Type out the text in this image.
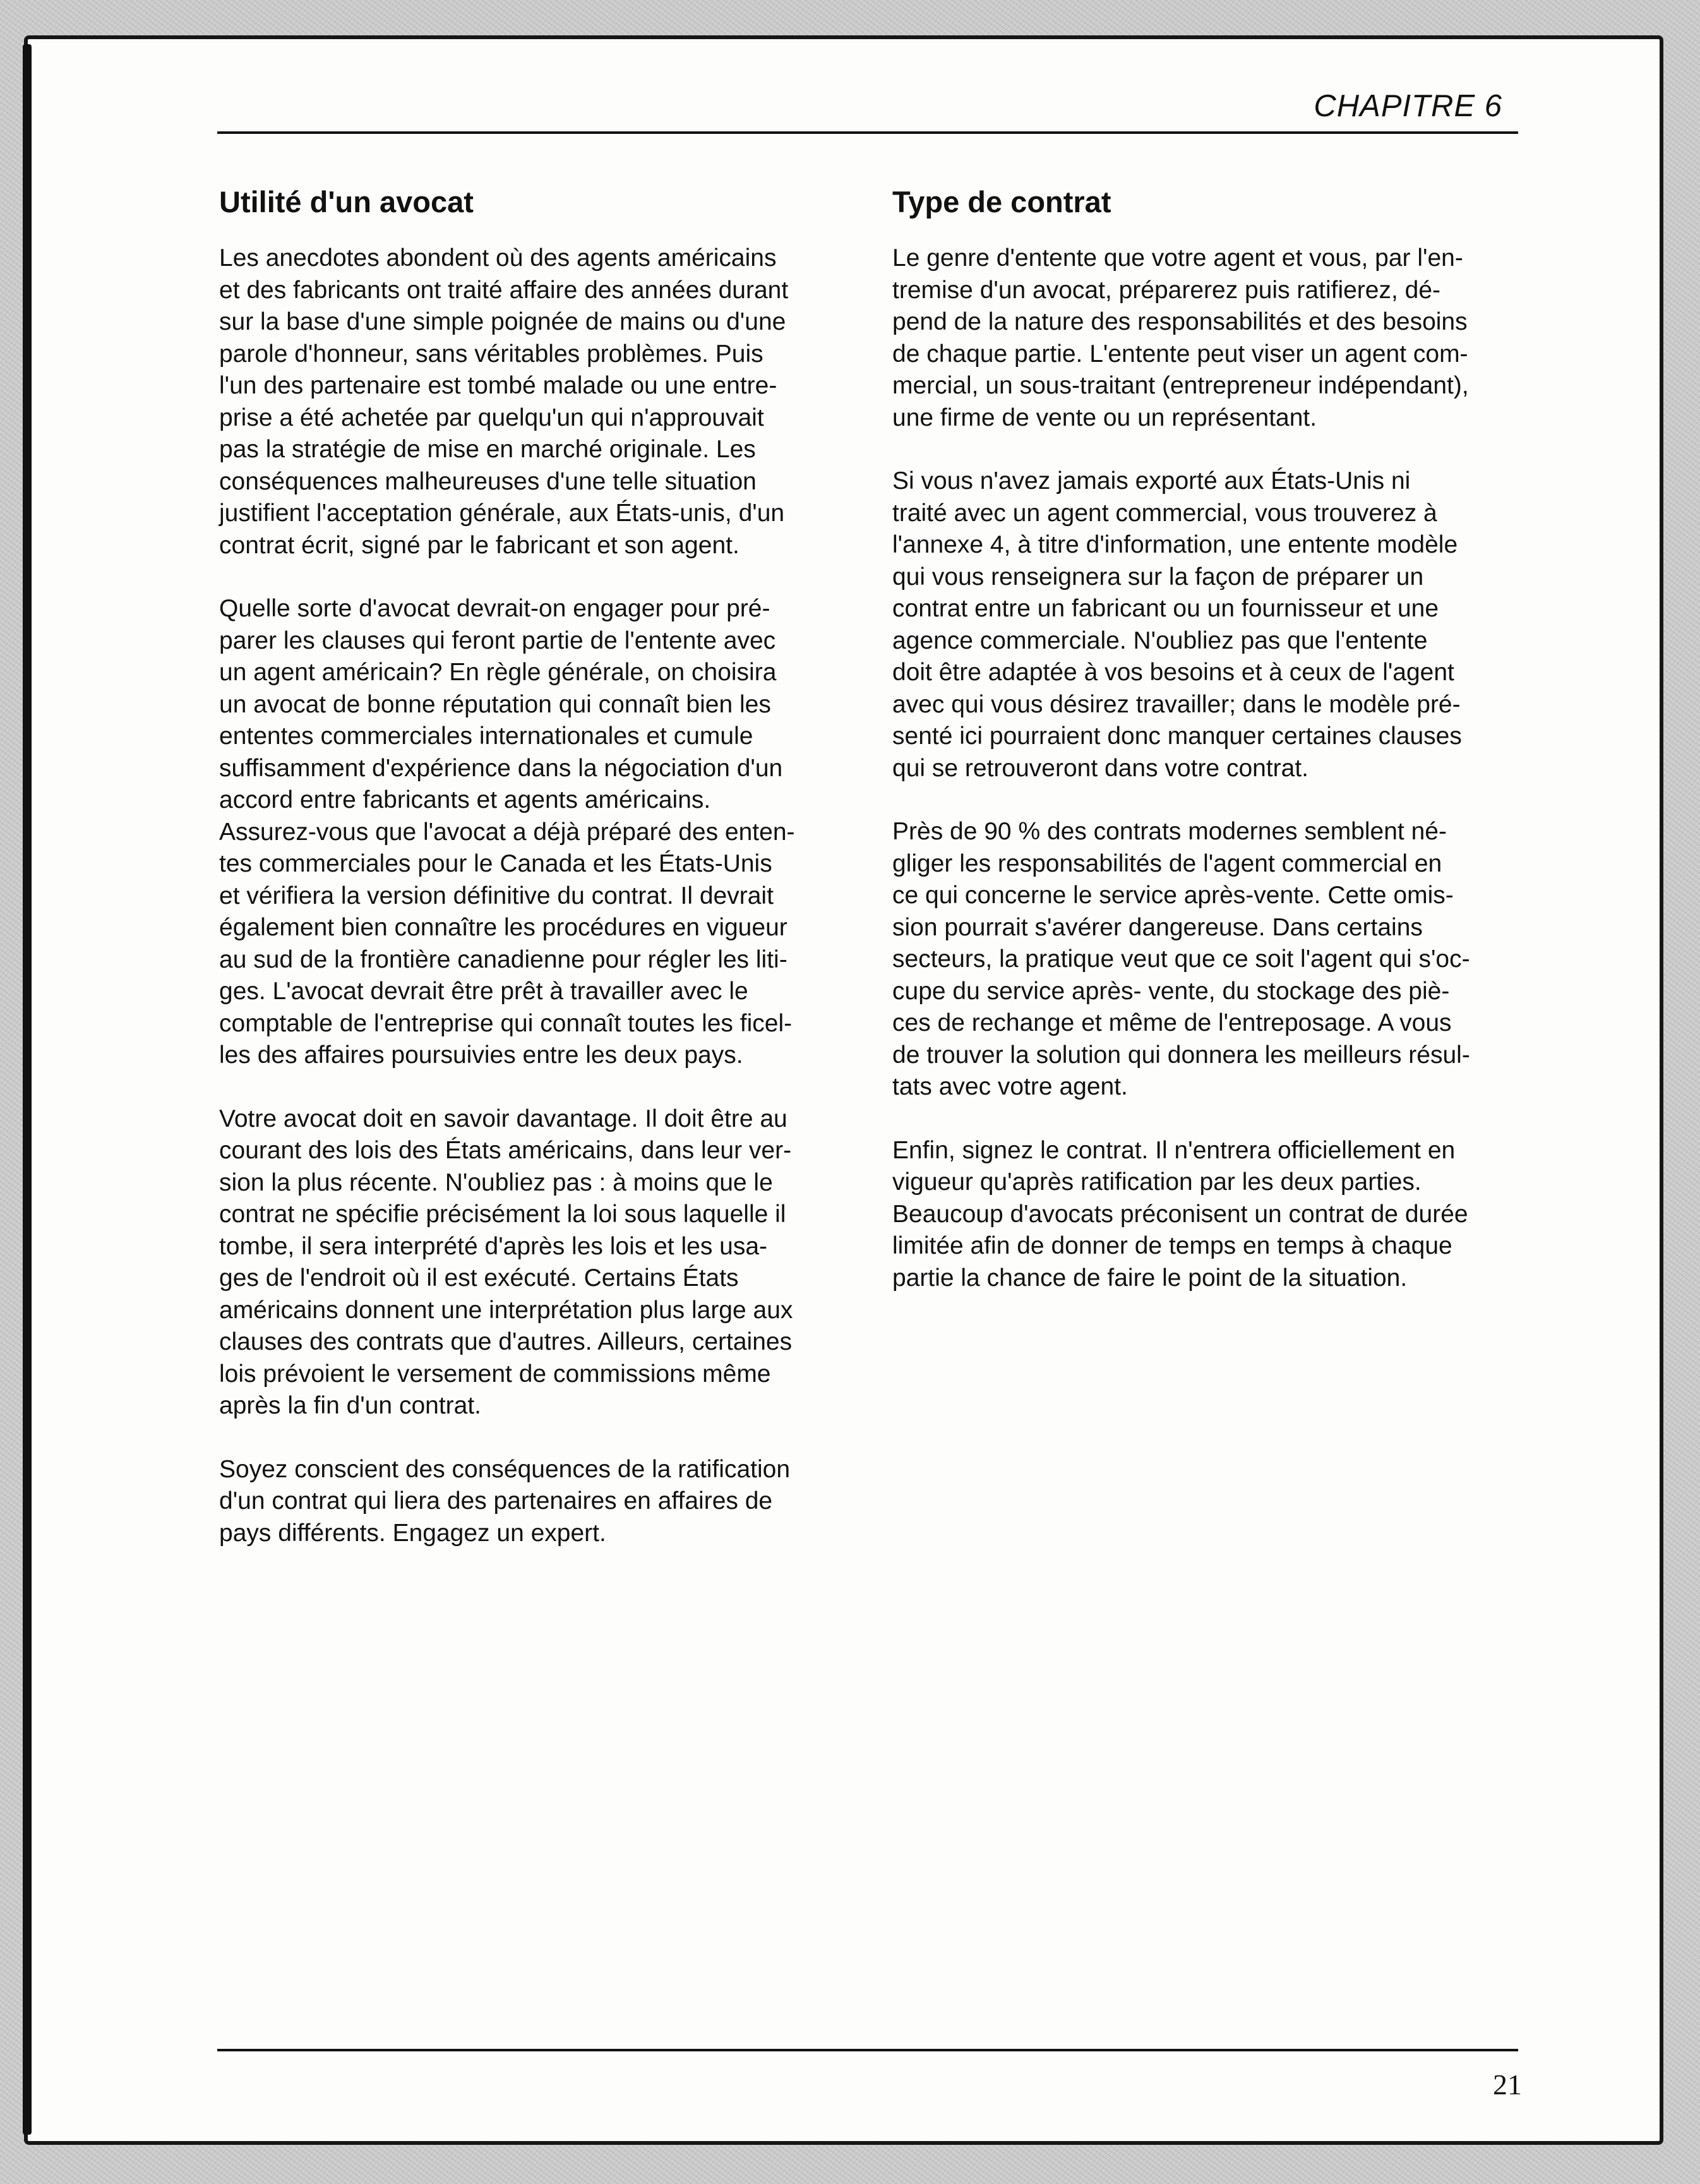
CHAPITRE 6
Utilité d'un avocat

Les anecdotes abondent où des agents américains
et des fabricants ont traité affaire des années durant
sur la base d'une simple poignée de mains ou d'une
parole d'honneur, sans véritables problèmes. Puis
l'un des partenaire est tombé malade ou une entre-
prise a été achetée par quelqu'un qui n'approuvait
pas la stratégie de mise en marché originale. Les
conséquences malheureuses d'une telle situation
justifient l'acceptation générale, aux États-unis, d'un
contrat écrit, signé par le fabricant et son agent.

Quelle sorte d'avocat devrait-on engager pour pré-
parer les clauses qui feront partie de l'entente avec
un agent américain? En règle générale, on choisira
un avocat de bonne réputation qui connaît bien les
ententes commerciales internationales et cumule
suffisamment d'expérience dans la négociation d'un
accord entre fabricants et agents américains.
Assurez-vous que l'avocat a déjà préparé des enten-
tes commerciales pour le Canada et les États-Unis
et vérifiera la version définitive du contrat. Il devrait
également bien connaître les procédures en vigueur
au sud de la frontière canadienne pour régler les liti-
ges. L'avocat devrait être prêt à travailler avec le
comptable de l'entreprise qui connaît toutes les ficel-
les des affaires poursuivies entre les deux pays.

Votre avocat doit en savoir davantage. Il doit être au
courant des lois des États américains, dans leur ver-
sion la plus récente. N'oubliez pas : à moins que le
contrat ne spécifie précisément la loi sous laquelle il
tombe, il sera interprété d'après les lois et les usa-
ges de l'endroit où il est exécuté. Certains États
américains donnent une interprétation plus large aux
clauses des contrats que d'autres. Ailleurs, certaines
lois prévoient le versement de commissions même
après la fin d'un contrat.

Soyez conscient des conséquences de la ratification
d'un contrat qui liera des partenaires en affaires de
pays différents. Engagez un expert.

Type de contrat

Le genre d'entente que votre agent et vous, par l'en-
tremise d'un avocat, préparerez puis ratifierez, dé-
pend de la nature des responsabilités et des besoins
de chaque partie. L'entente peut viser un agent com-
mercial, un sous-traitant (entrepreneur indépendant),
une firme de vente ou un représentant.

Si vous n'avez jamais exporté aux États-Unis ni
traité avec un agent commercial, vous trouverez à
l'annexe 4, à titre d'information, une entente modèle
qui vous renseignera sur la façon de préparer un
contrat entre un fabricant ou un fournisseur et une
agence commerciale. N'oubliez pas que l'entente
doit être adaptée à vos besoins et à ceux de l'agent
avec qui vous désirez travailler; dans le modèle pré-
senté ici pourraient donc manquer certaines clauses
qui se retrouveront dans votre contrat.

Près de 90 % des contrats modernes semblent né-
gliger les responsabilités de l'agent commercial en
ce qui concerne le service après-vente. Cette omis-
sion pourrait s'avérer dangereuse. Dans certains
secteurs, la pratique veut que ce soit l'agent qui s'oc-
cupe du service après- vente, du stockage des piè-
ces de rechange et même de l'entreposage. A vous
de trouver la solution qui donnera les meilleurs résul-
tats avec votre agent.

Enfin, signez le contrat. Il n'entrera officiellement en
vigueur qu'après ratification par les deux parties.
Beaucoup d'avocats préconisent un contrat de durée
limitée afin de donner de temps en temps à chaque
partie la chance de faire le point de la situation.

21
